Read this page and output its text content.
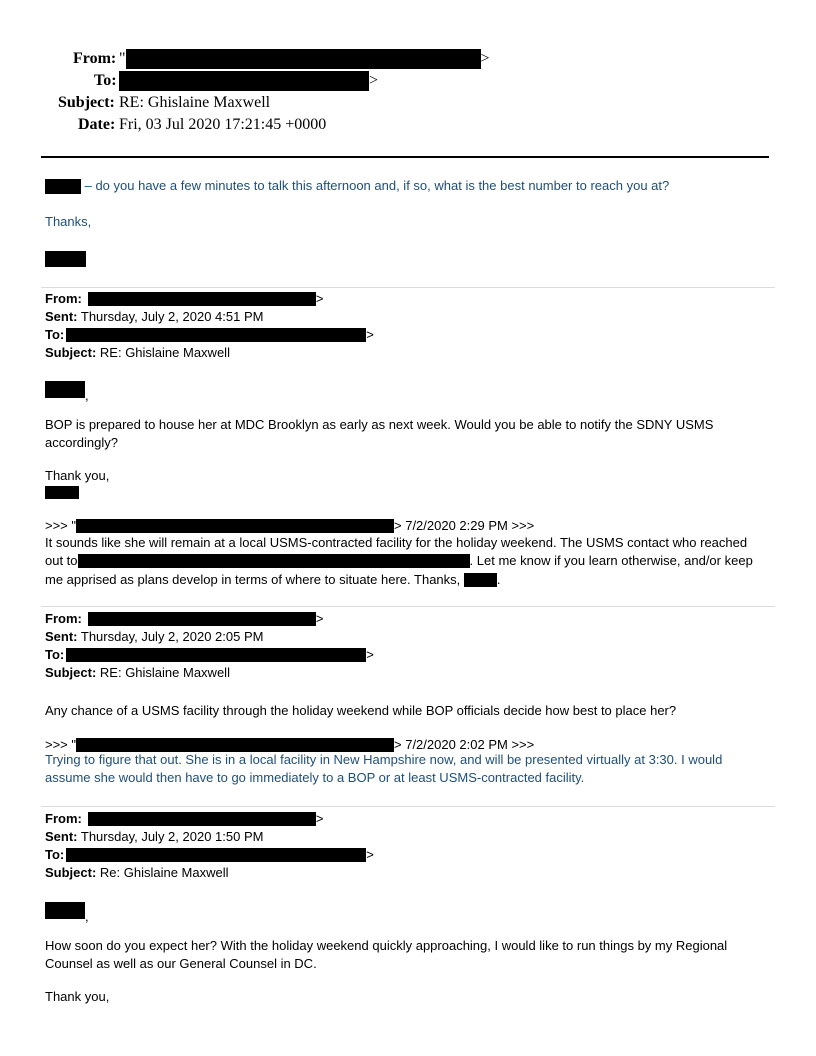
From: "	>
To:	>
Subject: RE: Ghislaine Maxwell
Date: Fri, 03 Jul 2020 17:21:45 +0000
– do you have a few minutes to talk this afternoon and, if so, what is the best number to reach you at?
Thanks,
From:	>
Sent: Thursday, July 2, 2020 4:51 PM
To:	>
Subject: RE: Ghislaine Maxwell
,
BOP is prepared to house her at MDC Brooklyn as early as next week. Would you be able to notify the SDNY USMS
accordingly?
Thank you,
>>> "	> 7/2/2020 2:29 PM >>>
It sounds like she will remain at a local USMS-contracted facility for the holiday weekend. The USMS contact who reached
out to	. Let me know if you learn otherwise, and/or keep
me apprised as plans develop in terms of where to situate here. Thanks,	.
From:	>
Sent: Thursday, July 2, 2020 2:05 PM
To:	>
Subject: RE: Ghislaine Maxwell
Any chance of a USMS facility through the holiday weekend while BOP officials decide how best to place her?
>>> "	> 7/2/2020 2:02 PM >>>
Trying to figure that out. She is in a local facility in New Hampshire now, and will be presented virtually at 3:30. I would
assume she would then have to go immediately to a BOP or at least USMS-contracted facility.
From:	>
Sent: Thursday, July 2, 2020 1:50 PM
To:	>
Subject: Re: Ghislaine Maxwell
,
How soon do you expect her? With the holiday weekend quickly approaching, I would like to run things by my Regional
Counsel as well as our General Counsel in DC.
Thank you,
